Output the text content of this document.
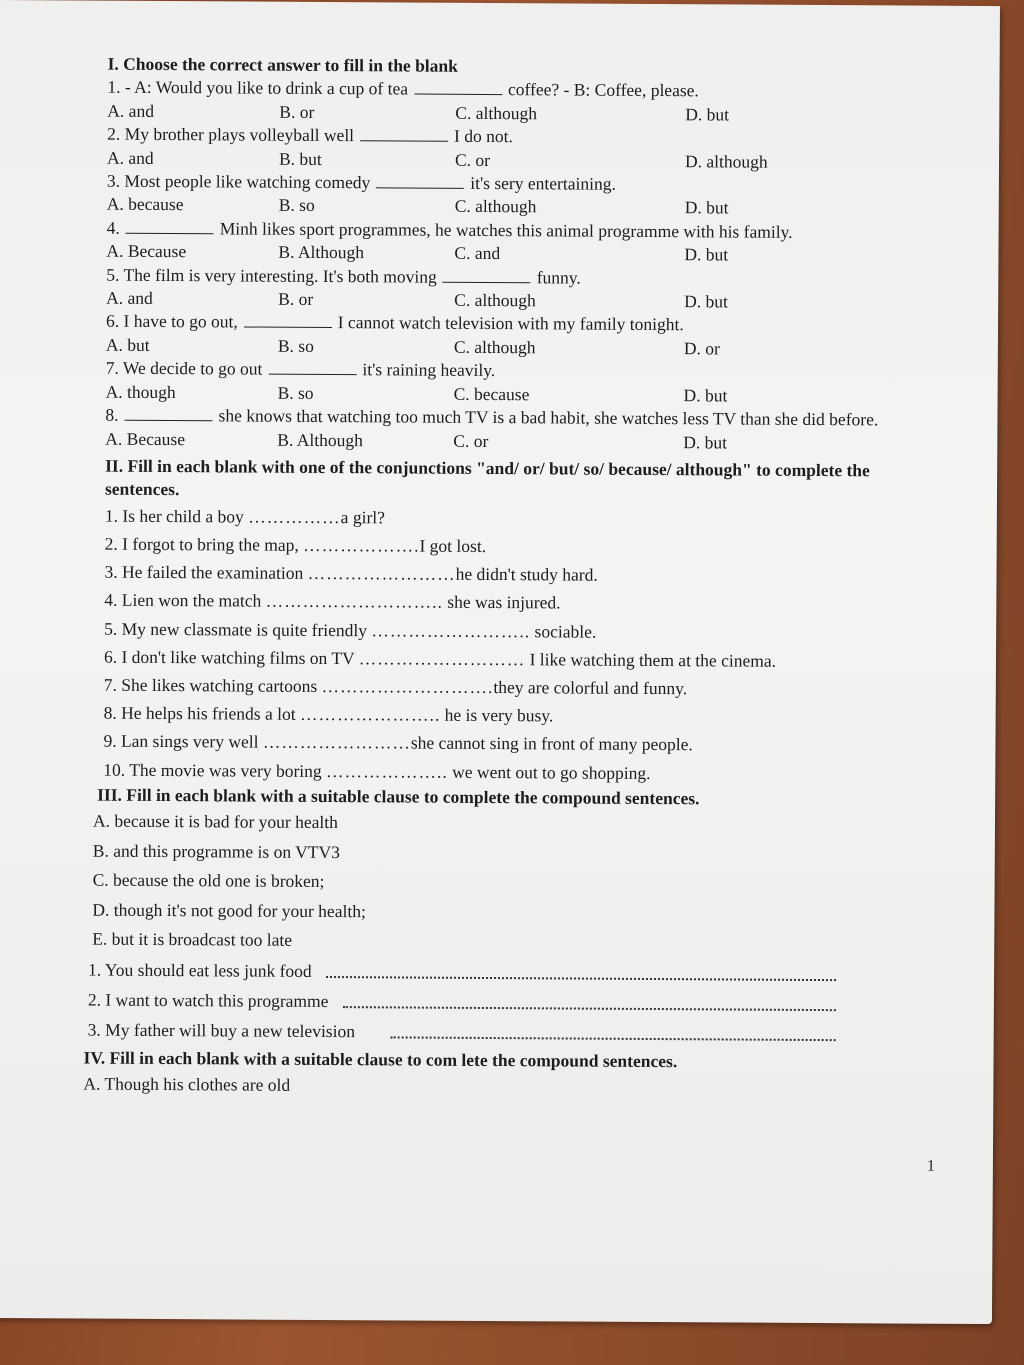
I. Choose the correct answer to fill in the blank
1. - A: Would you like to drink a cup of tea	coffee? - B: Coffee, please.
A. and	B. or	C. although	D. but
2. My brother plays volleyball well	I do not.
A. and	B. but	C. or	D. although
3. Most people like watching comedy	it's sery entertaining.
A. because	B. so	C. although	D. but
4.	Minh likes sport programmes, he watches this animal programme with his family.
A. Because	B. Although	C. and	D. but
5. The film is very interesting. It's both moving	funny.
A. and	B. or	C. although	D. but
6. I have to go out,	I cannot watch television with my family tonight.
A. but	B. so	C. although	D. or
7. We decide to go out	it's raining heavily.
A. though	B. so	C. because	D. but
8.	she knows that watching too much TV is a bad habit, she watches less TV than she did before.
A. Because	B. Although	C. or	D. but
II. Fill in each blank with one of the conjunctions "and/ or/ but/ so/ because/ although" to complete the sentences.
1. Is her child a boy ……………a girl?
2. I forgot to bring the map, ……………….I got lost.
3. He failed the examination ……………………he didn't study hard.
4. Lien won the match ……………………….. she was injured.
5. My new classmate is quite friendly …………………….. sociable.
6. I don't like watching films on TV ……………………… I like watching them at the cinema.
7. She likes watching cartoons ……………………….they are colorful and funny.
8. He helps his friends a lot ………………….. he is very busy.
9. Lan sings very well ……………………she cannot sing in front of many people.
10. The movie was very boring ……………….. we went out to go shopping.
III. Fill in each blank with a suitable clause to complete the compound sentences.
A. because it is bad for your health
B. and this programme is on VTV3
C. because the old one is broken;
D. though it's not good for your health;
E. but it is broadcast too late
1. You should eat less junk food
2. I want to watch this programme
3. My father will buy a new television
IV. Fill in each blank with a suitable clause to com lete the compound sentences.
A. Though his clothes are old
1
